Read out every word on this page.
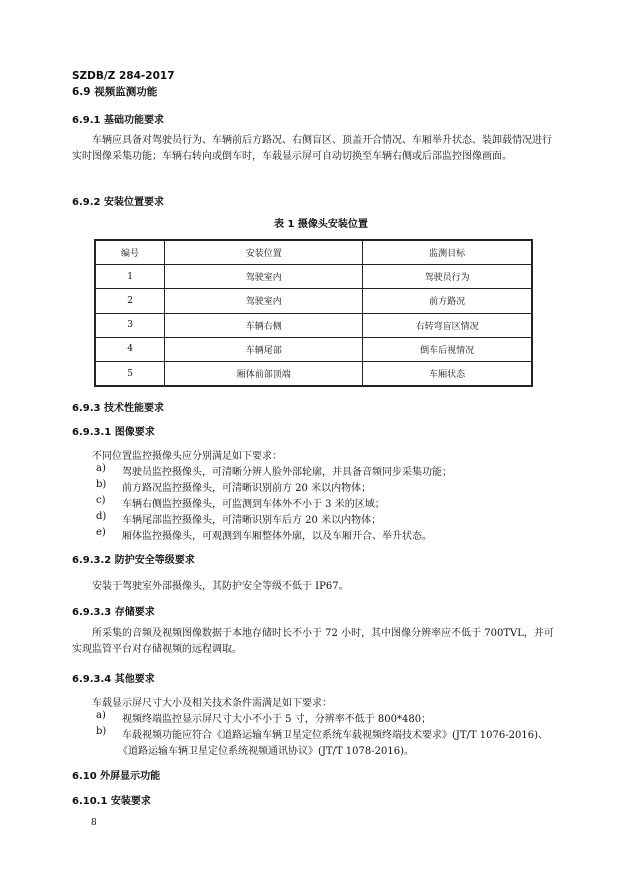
SZDB/Z 284-2017
6.9 视频监测功能
6.9.1 基础功能要求
车辆应具备对驾驶员行为、车辆前后方路况、右侧盲区、顶盖开合情况、车厢举升状态、装卸载情况进行实时图像采集功能；车辆右转向或倒车时，车载显示屏可自动切换至车辆右侧或后部监控图像画面。
6.9.2 安装位置要求
表 1 摄像头安装位置
编号	安装位置	监测目标
1	驾驶室内	驾驶员行为
2	驾驶室内	前方路况
3	车辆右侧	右转弯盲区情况
4	车辆尾部	倒车后视情况
5	厢体前部顶端	车厢状态
6.9.3 技术性能要求
6.9.3.1 图像要求
不同位置监控摄像头应分别满足如下要求：
a) 驾驶员监控摄像头，可清晰分辨人脸外部轮廓，并具备音频同步采集功能；
b) 前方路况监控摄像头，可清晰识别前方 20 米以内物体；
c) 车辆右侧监控摄像头，可监测到车体外不小于 3 米的区域；
d) 车辆尾部监控摄像头，可清晰识别车后方 20 米以内物体；
e) 厢体监控摄像头，可观测到车厢整体外廓，以及车厢开合、举升状态。
6.9.3.2 防护安全等级要求
安装于驾驶室外部摄像头，其防护安全等级不低于 IP67。
6.9.3.3 存储要求
所采集的音频及视频图像数据于本地存储时长不小于 72 小时，其中图像分辨率应不低于 700TVL，并可实现监管平台对存储视频的远程调取。
6.9.3.4 其他要求
车载显示屏尺寸大小及相关技术条件需满足如下要求：
a) 视频终端监控显示屏尺寸大小不小于 5 寸，分辨率不低于 800*480；
b) 车载视频功能应符合《道路运输车辆卫星定位系统车载视频终端技术要求》(JT/T 1076-2016)、
《道路运输车辆卫星定位系统视频通讯协议》(JT/T 1078-2016)。
6.10 外屏显示功能
6.10.1 安装要求
8
